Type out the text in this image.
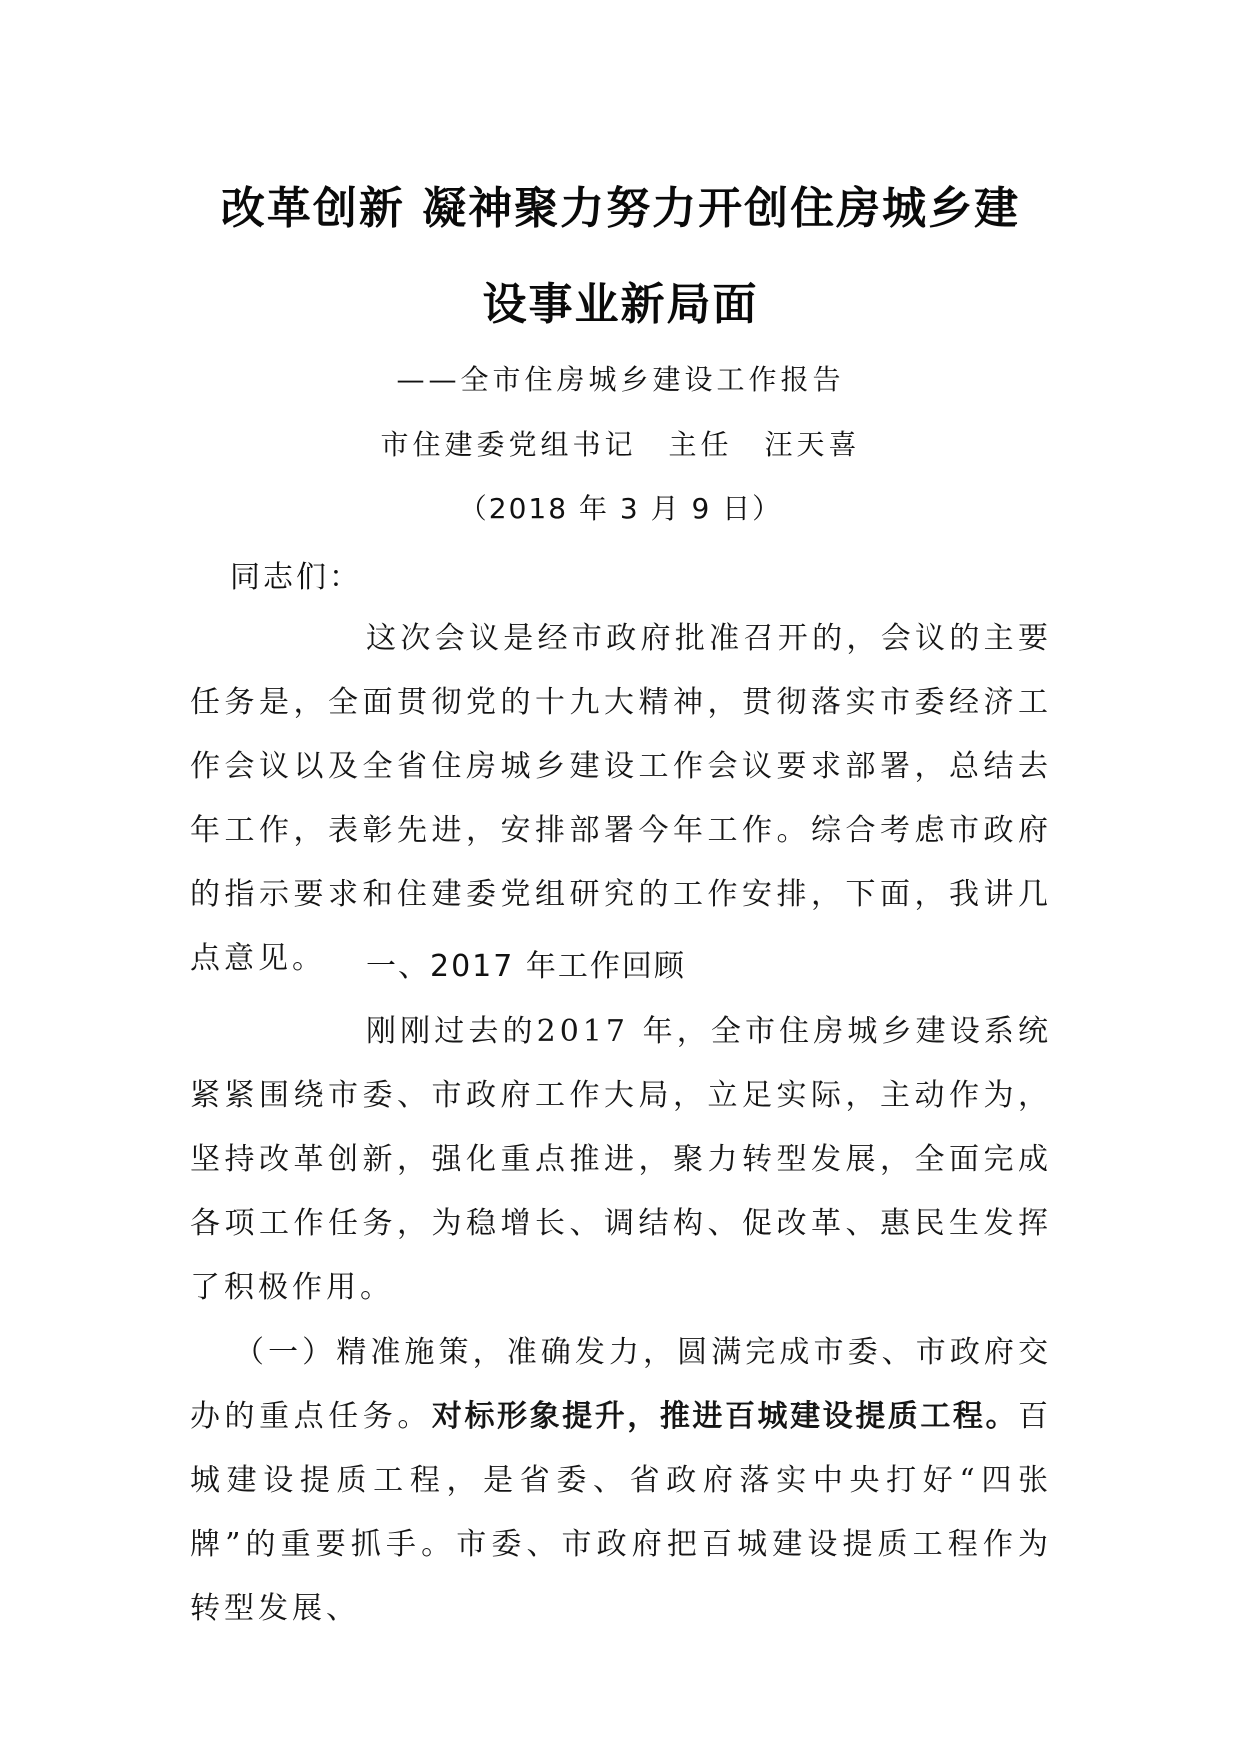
改革创新 凝神聚力努力开创住房城乡建
设事业新局面
——全市住房城乡建设工作报告
市住建委党组书记　主任　汪天喜
（2018 年 3 月 9 日）
同志们：
这次会议是经市政府批准召开的，会议的主要任务是，全面贯彻党的十九大精神，贯彻落实市委经济工作会议以及全省住房城乡建设工作会议要求部署，总结去年工作，表彰先进，安排部署今年工作。综合考虑市政府的指示要求和住建委党组研究的工作安排，下面，我讲几点意见。	一、2017 年工作回顾
刚刚过去的2017 年，全市住房城乡建设系统紧紧围绕市委、市政府工作大局，立足实际，主动作为，坚持改革创新，强化重点推进，聚力转型发展，全面完成各项工作任务，为稳增长、调结构、促改革、惠民生发挥了积极作用。
（一）精准施策，准确发力，圆满完成市委、市政府交办的重点任务。对标形象提升，推进百城建设提质工程。百城建设提质工程，是省委、省政府落实中央打好“四张牌”的重要抓手。市委、市政府把百城建设提质工程作为转型发展、
